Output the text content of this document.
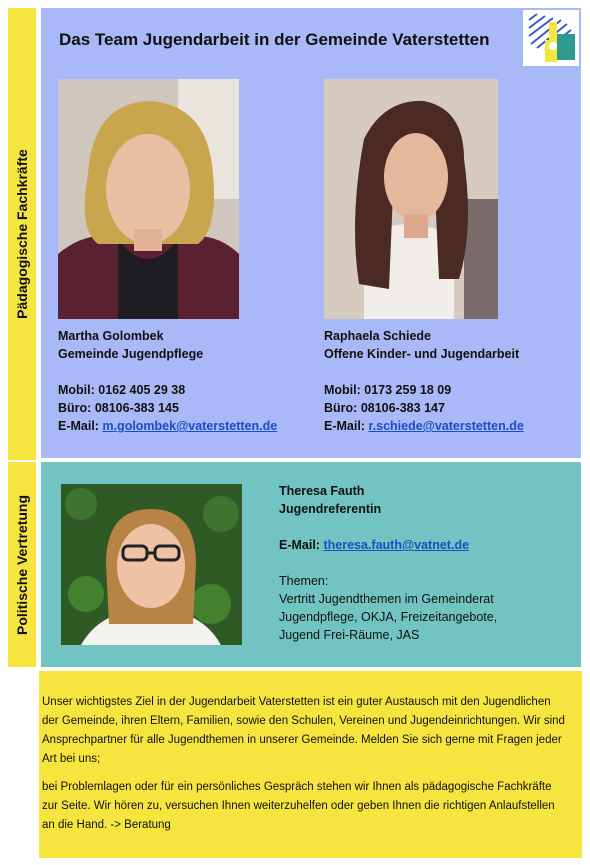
Pädagogische Fachkräfte
Politische Vertretung
Das Team Jugendarbeit in der Gemeinde Vaterstetten
Martha Golombek
Gemeinde Jugendpflege
Mobil: 0162 405 29 38
Büro: 08106-383 145
E-Mail: m.golombek@vaterstetten.de
Raphaela Schiede
Offene Kinder- und Jugendarbeit
Mobil: 0173 259 18 09
Büro: 08106-383 147
E-Mail: r.schiede@vaterstetten.de
Theresa Fauth
Jugendreferentin
E-Mail: theresa.fauth@vatnet.de
Themen:
Vertritt Jugendthemen im Gemeinderat
Jugendpflege, OKJA, Freizeitangebote,
Jugend Frei-Räume, JAS

Unser wichtigstes Ziel in der Jugendarbeit Vaterstetten ist ein guter Austausch mit den Jugendlichen der Gemeinde, ihren Eltern, Familien, sowie den Schulen, Vereinen und Jugendeinrichtungen. Wir sind Ansprechpartner für alle Jugendthemen in unserer Gemeinde. Melden Sie sich gerne mit Fragen jeder Art bei uns;

bei Problemlagen oder für ein persönliches Gespräch stehen wir Ihnen als pädagogische Fachkräfte zur Seite. Wir hören zu, versuchen Ihnen weiterzuhelfen oder geben Ihnen die richtigen Anlaufstellen an die Hand. -> Beratung
